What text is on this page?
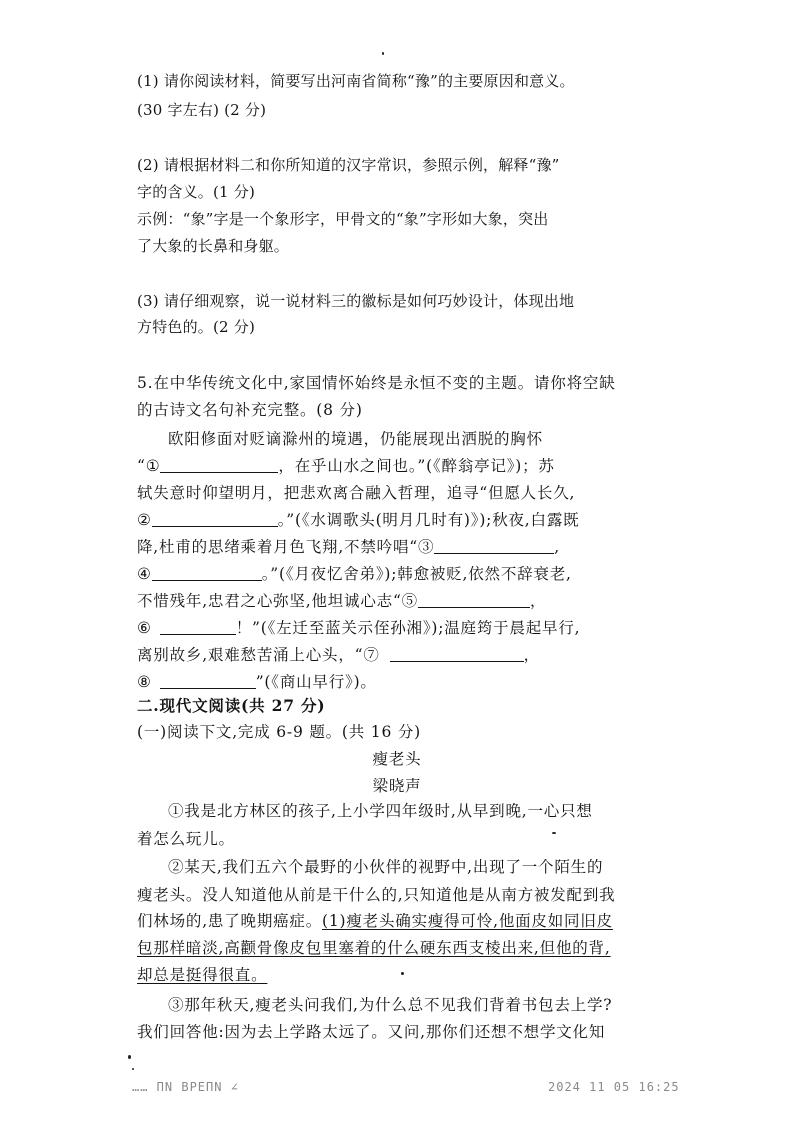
(1) 请你阅读材料，简要写出河南省简称“豫”的主要原因和意义。
(30 字左右) (2 分)
(2) 请根据材料二和你所知道的汉字常识，参照示例，解释“豫”
字的含义。(1 分)
示例：“象”字是一个象形字，甲骨文的“象”字形如大象，突出
了大象的长鼻和身躯。
(3) 请仔细观察，说一说材料三的徽标是如何巧妙设计，体现出地
方特色的。(2 分)
5.在中华传统文化中,家国情怀始终是永恒不变的主题。请你将空缺
的古诗文名句补充完整。(8 分)
欧阳修面对贬谪滁州的境遇，仍能展现出洒脱的胸怀
“①	，在乎山水之间也。”(《醉翁亭记》)；苏
轼失意时仰望明月，把悲欢离合融入哲理，追寻“但愿人长久,
②	。”(《水调歌头(明月几时有)》);秋夜,白露既
降,杜甫的思绪乘着月色飞翔,不禁吟唱“③	,
④	。”(《月夜忆舍弟》);韩愈被贬,依然不辞衰老,
不惜残年,忠君之心弥坚,他坦诚心志“⑤	，
⑥	！”(《左迁至蓝关示侄孙湘》);温庭筠于晨起早行,
离别故乡,艰难愁苦涌上心头，“⑦	，
⑧	”(《商山早行》)。
二.现代文阅读(共 27 分)
(一)阅读下文,完成 6-9 题。(共 16 分)
瘦老头
梁晓声
①我是北方林区的孩子,上小学四年级时,从早到晚,一心只想
着怎么玩儿。
②某天,我们五六个最野的小伙伴的视野中,出现了一个陌生的
瘦老头。没人知道他从前是干什么的,只知道他是从南方被发配到我
们林场的,患了晚期癌症。(1)瘦老头确实瘦得可怜,他面皮如同旧皮
包那样暗淡,高颧骨像皮包里塞着的什么硬东西支棱出来,但他的背,
却总是挺得很直。
③那年秋天,瘦老头问我们,为什么总不见我们背着书包去上学?
我们回答他:因为去上学路太远了。又问,那你们还想不想学文化知
…… ΠΝ ΒΡΕΠΝ ∠	2024 11 05 16:25
